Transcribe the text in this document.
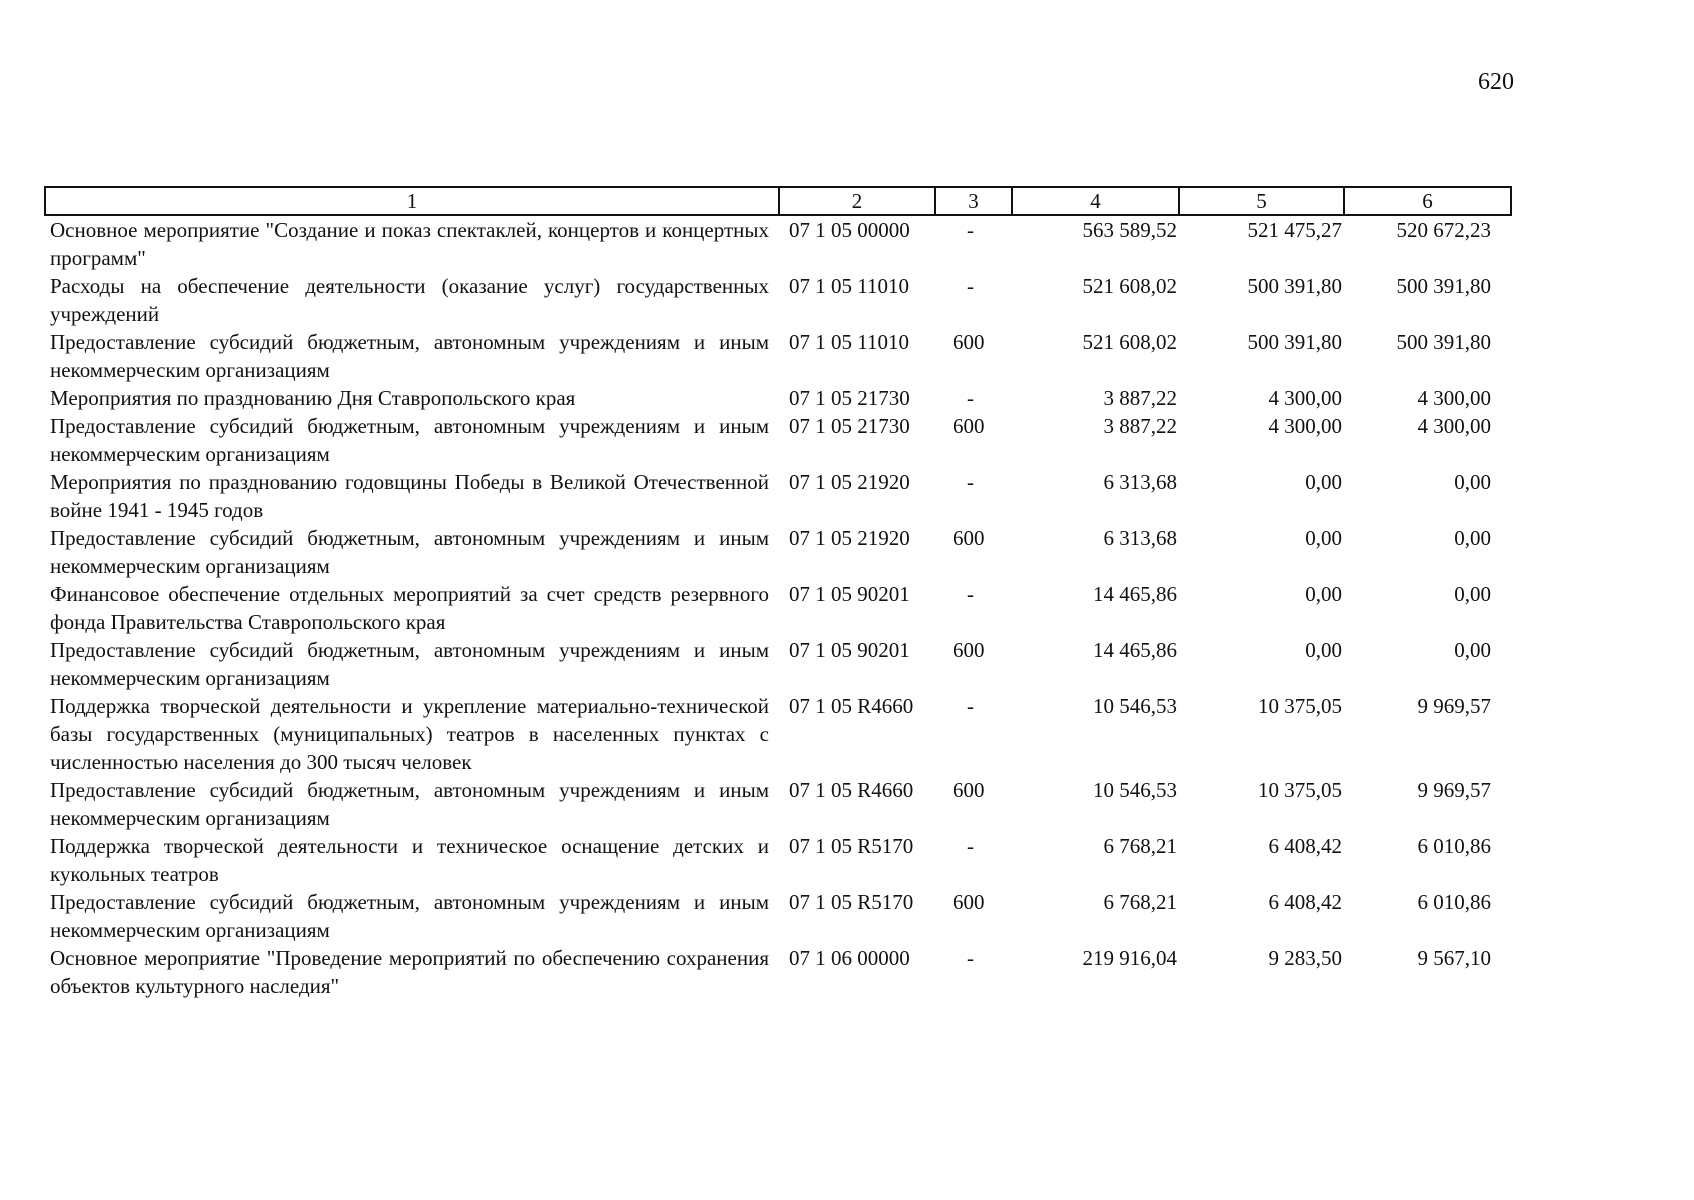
620
1	2	3	4	5	6
Основное мероприятие "Создание и показ спектаклей, концертов и концертных программ"	07 1 05 00000	-	563 589,52	521 475,27	520 672,23
Расходы на обеспечение деятельности (оказание услуг) государственных учреждений	07 1 05 11010	-	521 608,02	500 391,80	500 391,80
Предоставление субсидий бюджетным, автономным учреждениям и иным некоммерческим организациям	07 1 05 11010	600	521 608,02	500 391,80	500 391,80
Мероприятия по празднованию Дня Ставропольского края	07 1 05 21730	-	3 887,22	4 300,00	4 300,00
Предоставление субсидий бюджетным, автономным учреждениям и иным некоммерческим организациям	07 1 05 21730	600	3 887,22	4 300,00	4 300,00
Мероприятия по празднованию годовщины Победы в Великой Отечественной войне 1941 - 1945 годов	07 1 05 21920	-	6 313,68	0,00	0,00
Предоставление субсидий бюджетным, автономным учреждениям и иным некоммерческим организациям	07 1 05 21920	600	6 313,68	0,00	0,00
Финансовое обеспечение отдельных мероприятий за счет средств резервного фонда Правительства Ставропольского края	07 1 05 90201	-	14 465,86	0,00	0,00
Предоставление субсидий бюджетным, автономным учреждениям и иным некоммерческим организациям	07 1 05 90201	600	14 465,86	0,00	0,00
Поддержка творческой деятельности и укрепление материально-технической базы государственных (муниципальных) театров в населенных пунктах с численностью населения до 300 тысяч человек	07 1 05 R4660	-	10 546,53	10 375,05	9 969,57
Предоставление субсидий бюджетным, автономным учреждениям и иным некоммерческим организациям	07 1 05 R4660	600	10 546,53	10 375,05	9 969,57
Поддержка творческой деятельности и техническое оснащение детских и кукольных театров	07 1 05 R5170	-	6 768,21	6 408,42	6 010,86
Предоставление субсидий бюджетным, автономным учреждениям и иным некоммерческим организациям	07 1 05 R5170	600	6 768,21	6 408,42	6 010,86
Основное мероприятие "Проведение мероприятий по обеспечению сохранения объектов культурного наследия"	07 1 06 00000	-	219 916,04	9 283,50	9 567,10
